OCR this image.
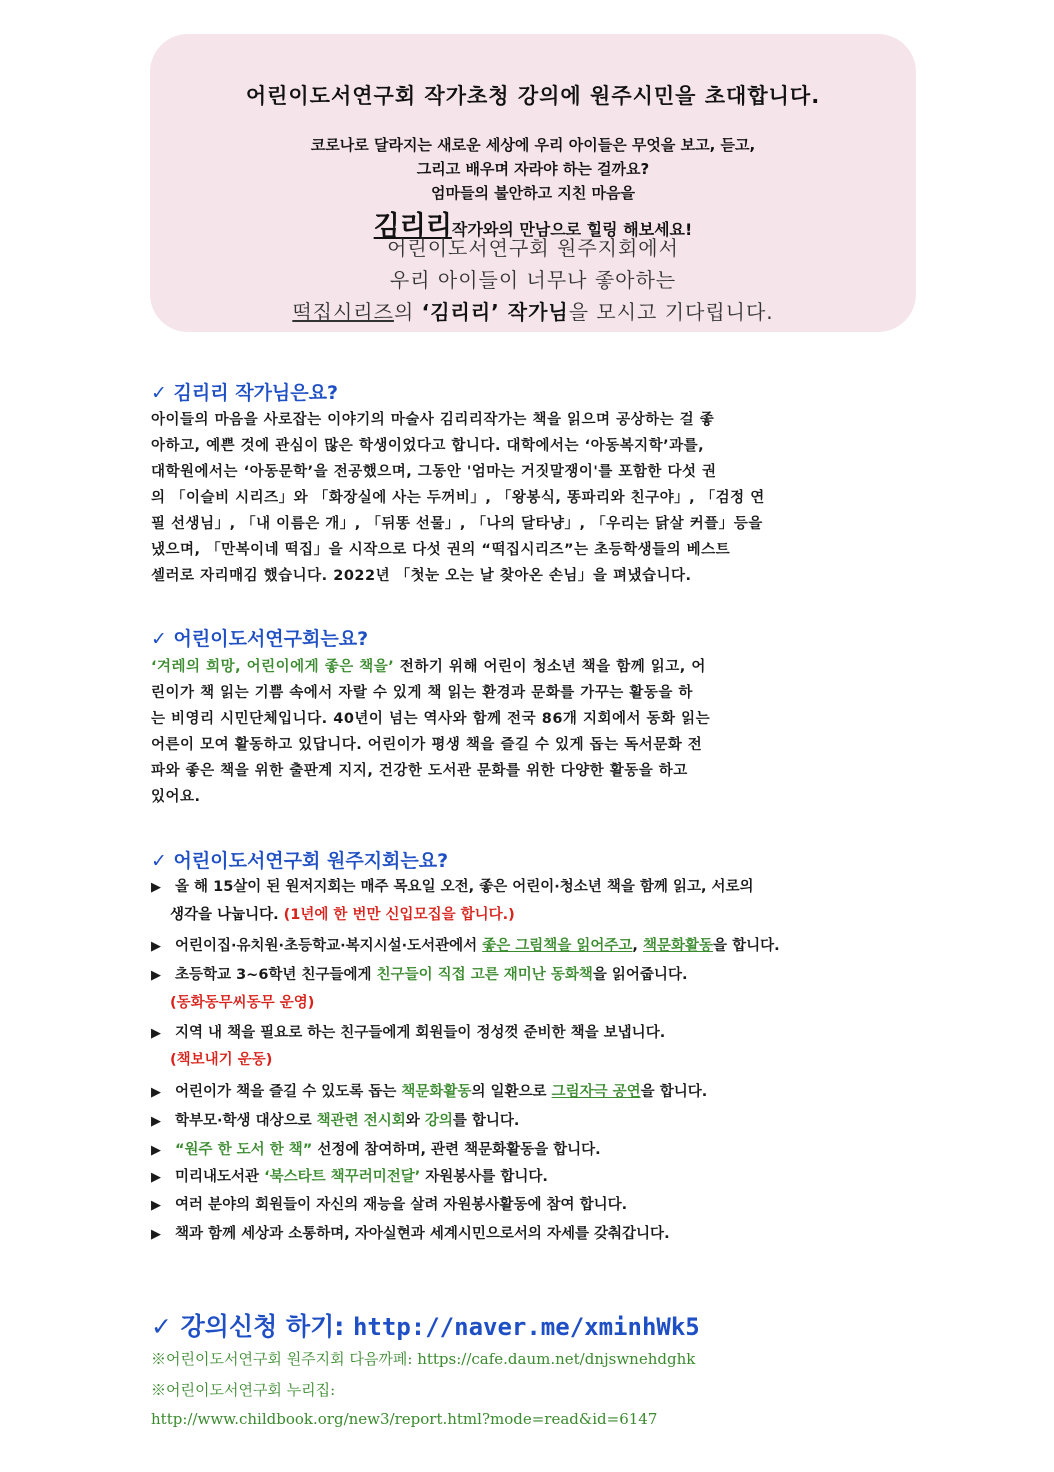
어린이도서연구회 작가초청 강의에 원주시민을 초대합니다.
코로나로 달라지는 새로운 세상에 우리 아이들은 무엇을 보고, 듣고,
그리고 배우며 자라야 하는 걸까요?
엄마들의 불안하고 지친 마음을
김리리작가와의 만남으로 힐링 해보세요!
어린이도서연구회 원주지회에서
우리 아이들이 너무나 좋아하는
떡집시리즈의 ‘김리리’ 작가님을 모시고 기다립니다.
✓ 김리리 작가님은요?
아이들의 마음을 사로잡는 이야기의 마술사 김리리작가는 책을 읽으며 공상하는 걸 좋
아하고, 예쁜 것에 관심이 많은 학생이었다고 합니다. 대학에서는 ‘아동복지학’과를,
대학원에서는 ‘아동문학’을 전공했으며, 그동안 '엄마는 거짓말쟁이'를 포함한 다섯 권
의 「이슬비 시리즈」와 「화장실에 사는 두꺼비」, 「왕봉식, 똥파리와 친구야」, 「검정 연
필 선생님」, 「내 이름은 개」, 「뒤똥 선물」, 「나의 달타냥」, 「우리는 닭살 커플」등을
냈으며, 「만복이네 떡집」을 시작으로 다섯 권의 “떡집시리즈”는 초등학생들의 베스트
셀러로 자리매김 했습니다. 2022년 「첫눈 오는 날 찾아온 손님」을 펴냈습니다.
✓ 어린이도서연구회는요?
‘겨레의 희망, 어린이에게 좋은 책을’ 전하기 위해 어린이 청소년 책을 함께 읽고, 어
린이가 책 읽는 기쁨 속에서 자랄 수 있게 책 읽는 환경과 문화를 가꾸는 활동을 하
는 비영리 시민단체입니다. 40년이 넘는 역사와 함께 전국 86개 지회에서 동화 읽는
어른이 모여 활동하고 있답니다. 어린이가 평생 책을 즐길 수 있게 돕는 독서문화 전
파와 좋은 책을 위한 출판계 지지, 건강한 도서관 문화를 위한 다양한 활동을 하고
있어요.
✓ 어린이도서연구회 원주지회는요?
▶ 올 해 15살이 된 원저지회는 매주 목요일 오전, 좋은 어린이·청소년 책을 함께 읽고, 서로의
생각을 나눕니다. (1년에 한 번만 신입모집을 합니다.)
▶ 어린이집·유치원·초등학교·복지시설·도서관에서 좋은 그림책을 읽어주고, 책문화활동을 합니다.
▶ 초등학교 3~6학년 친구들에게 친구들이 직접 고른 재미난 동화책을 읽어줍니다.
(동화동무씨동무 운영)
▶ 지역 내 책을 필요로 하는 친구들에게 회원들이 정성껏 준비한 책을 보냅니다.
(책보내기 운동)
▶ 어린이가 책을 즐길 수 있도록 돕는 책문화활동의 일환으로 그림자극 공연을 합니다.
▶ 학부모·학생 대상으로 책관련 전시회와 강의를 합니다.
▶ “원주 한 도서 한 책” 선정에 참여하며, 관련 책문화활동을 합니다.
▶ 미리내도서관 ‘북스타트 책꾸러미전달’ 자원봉사를 합니다.
▶ 여러 분야의 회원들이 자신의 재능을 살려 자원봉사활동에 참여 합니다.
▶ 책과 함께 세상과 소통하며, 자아실현과 세계시민으로서의 자세를 갖춰갑니다.
✓ 강의신청 하기: http://naver.me/xminhWk5
※어린이도서연구회 원주지회 다음까페: https://cafe.daum.net/dnjswnehdghk
※어린이도서연구회 누리집:
http://www.childbook.org/new3/report.html?mode=read&id=6147
